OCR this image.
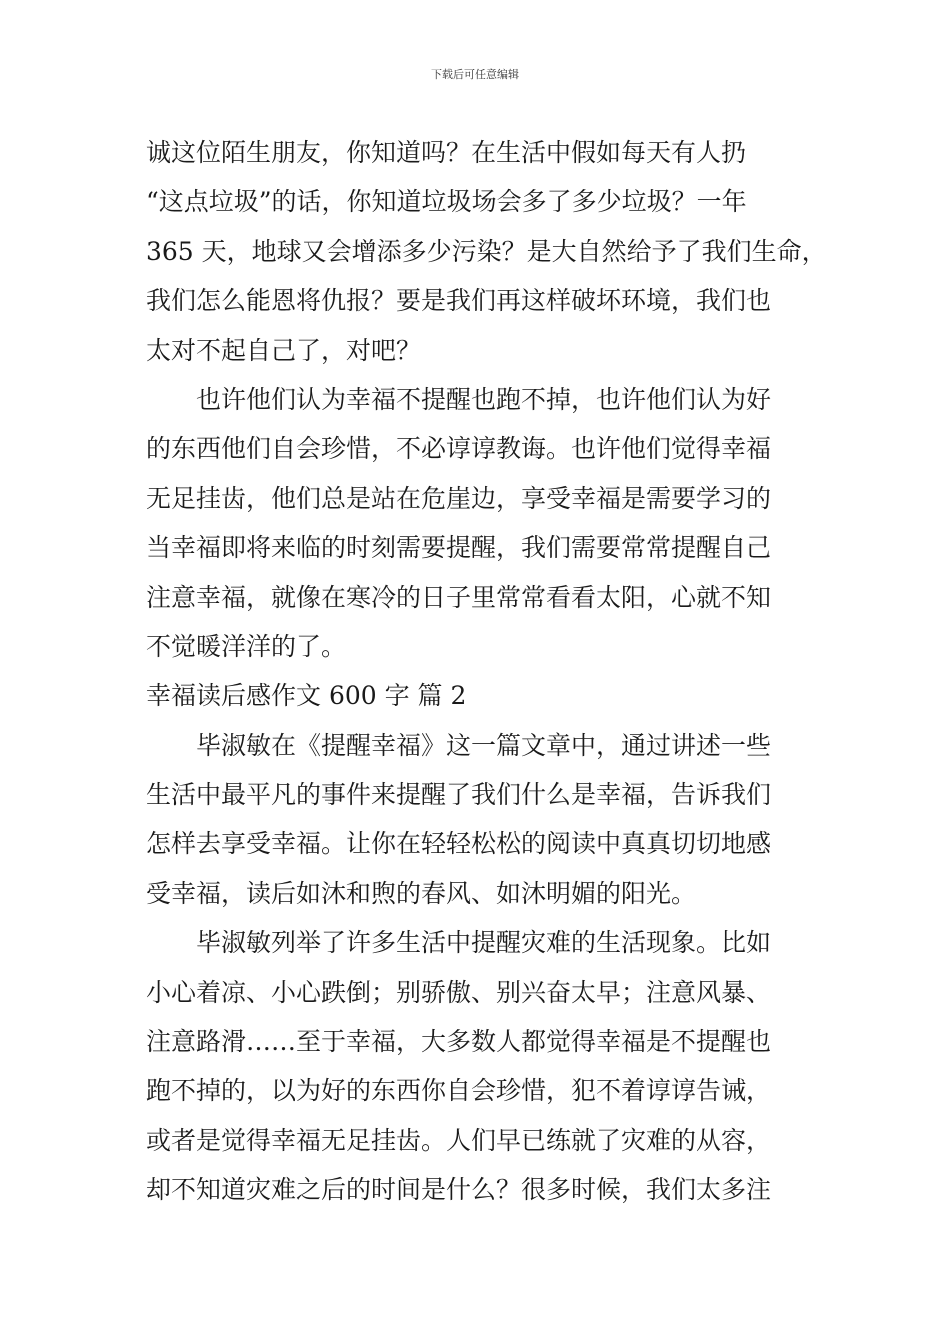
下载后可任意编辑
诚这位陌生朋友，你知道吗？在生活中假如每天有人扔
“这点垃圾”的话，你知道垃圾场会多了多少垃圾？一年
365 天，地球又会增添多少污染？是大自然给予了我们生命，
我们怎么能恩将仇报？要是我们再这样破坏环境，我们也
太对不起自己了，对吧？
也许他们认为幸福不提醒也跑不掉，也许他们认为好
的东西他们自会珍惜，不必谆谆教诲。也许他们觉得幸福
无足挂齿，他们总是站在危崖边，享受幸福是需要学习的
当幸福即将来临的时刻需要提醒，我们需要常常提醒自己
注意幸福，就像在寒冷的日子里常常看看太阳，心就不知
不觉暖洋洋的了。
幸福读后感作文 600 字 篇 2
毕淑敏在《提醒幸福》这一篇文章中，通过讲述一些
生活中最平凡的事件来提醒了我们什么是幸福，告诉我们
怎样去享受幸福。让你在轻轻松松的阅读中真真切切地感
受幸福，读后如沐和煦的春风、如沐明媚的阳光。
毕淑敏列举了许多生活中提醒灾难的生活现象。比如
小心着凉、小心跌倒；别骄傲、别兴奋太早；注意风暴、
注意路滑……至于幸福，大多数人都觉得幸福是不提醒也
跑不掉的，以为好的东西你自会珍惜，犯不着谆谆告诫，
或者是觉得幸福无足挂齿。人们早已练就了灾难的从容，
却不知道灾难之后的时间是什么？很多时候，我们太多注
